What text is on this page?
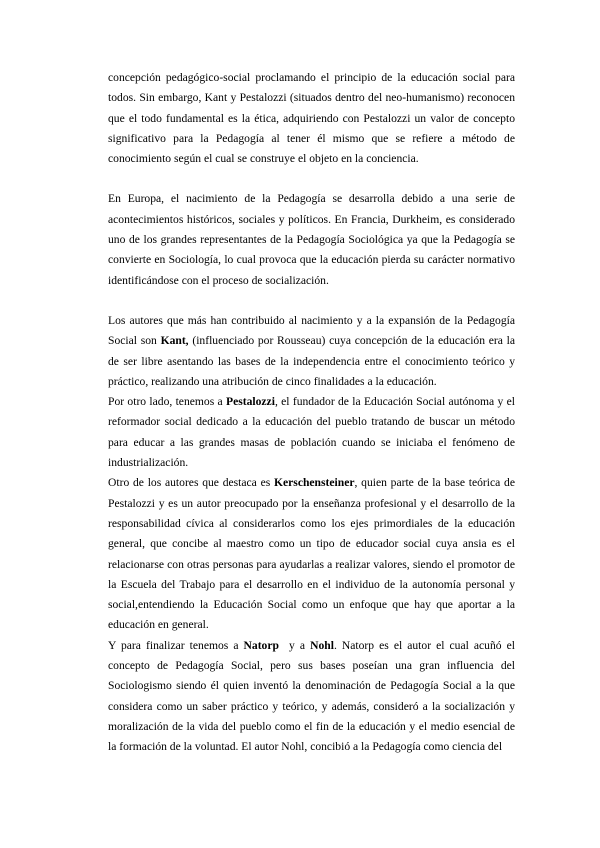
concepción pedagógico-social proclamando el principio de la educación social para todos. Sin embargo, Kant y Pestalozzi (situados dentro del neo-humanismo) reconocen que el todo fundamental es la ética, adquiriendo con Pestalozzi un valor de concepto significativo para la Pedagogía al tener él mismo que se refiere a método de conocimiento según el cual se construye el objeto en la conciencia.

En Europa, el nacimiento de la Pedagogía se desarrolla debido a una serie de acontecimientos históricos, sociales y políticos. En Francia, Durkheim, es considerado uno de los grandes representantes de la Pedagogía Sociológica ya que la Pedagogía se convierte en Sociología, lo cual provoca que la educación pierda su carácter normativo identificándose con el proceso de socialización.

Los autores que más han contribuido al nacimiento y a la expansión de la Pedagogía Social son Kant, (influenciado por Rousseau) cuya concepción de la educación era la de ser libre asentando las bases de la independencia entre el conocimiento teórico y práctico, realizando una atribución de cinco finalidades a la educación.

Por otro lado, tenemos a Pestalozzi, el fundador de la Educación Social autónoma y el reformador social dedicado a la educación del pueblo tratando de buscar un método para educar a las grandes masas de población cuando se iniciaba el fenómeno de industrialización.

Otro de los autores que destaca es Kerschensteiner, quien parte de la base teórica de Pestalozzi y es un autor preocupado por la enseñanza profesional y el desarrollo de la responsabilidad cívica al considerarlos como los ejes primordiales de la educación general, que concibe al maestro como un tipo de educador social cuya ansia es el relacionarse con otras personas para ayudarlas a realizar valores, siendo el promotor de la Escuela del Trabajo para el desarrollo en el individuo de la autonomía personal y social,entendiendo la Educación Social como un enfoque que hay que aportar a la educación en general.

Y para finalizar tenemos a Natorp  y a Nohl. Natorp es el autor el cual acuñó el concepto de Pedagogía Social, pero sus bases poseían una gran influencia del Sociologismo siendo él quien inventó la denominación de Pedagogía Social a la que considera como un saber práctico y teórico, y además, consideró a la socialización y moralización de la vida del pueblo como el fin de la educación y el medio esencial de la formación de la voluntad. El autor Nohl, concibió a la Pedagogía como ciencia del
